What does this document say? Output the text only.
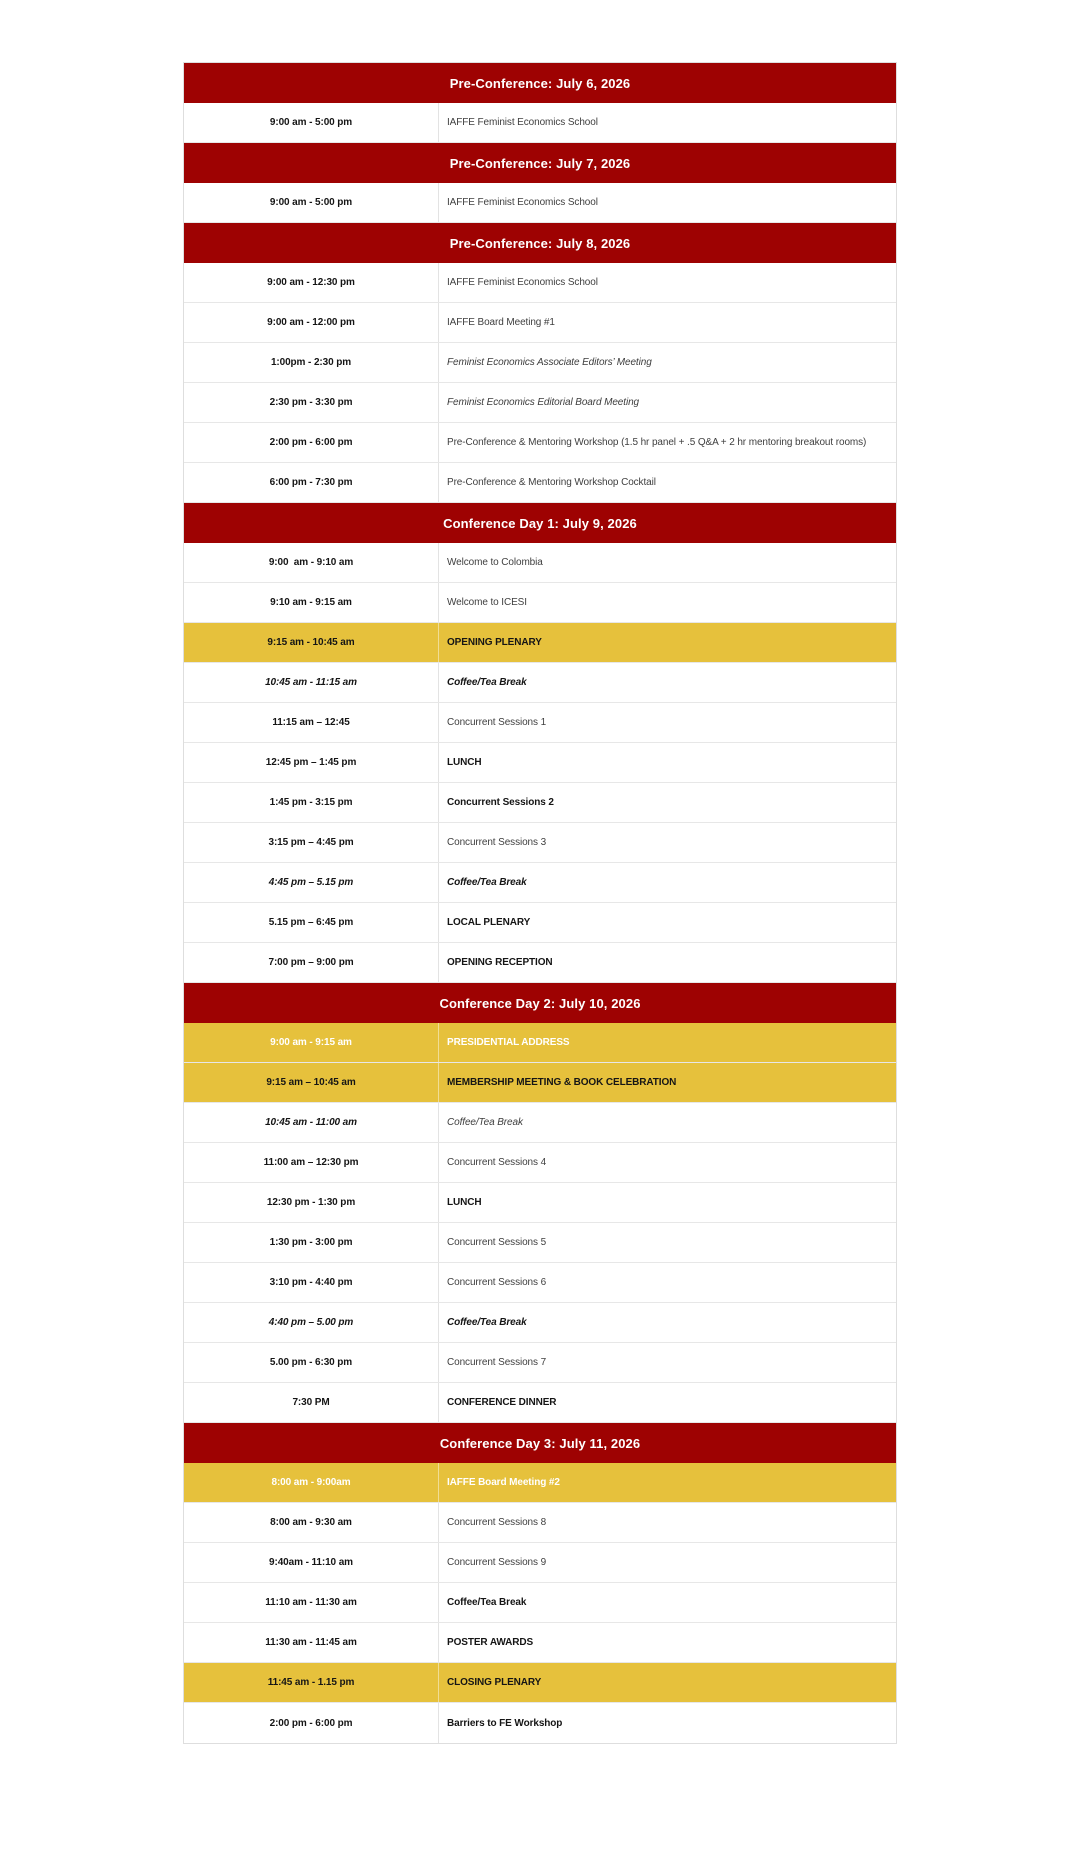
Pre-Conference: July 6, 2026
9:00 am - 5:00 pm	IAFFE Feminist Economics School
Pre-Conference: July 7, 2026
9:00 am - 5:00 pm	IAFFE Feminist Economics School
Pre-Conference: July 8, 2026
9:00 am - 12:30 pm	IAFFE Feminist Economics School
9:00 am - 12:00 pm	IAFFE Board Meeting #1
1:00pm - 2:30 pm	Feminist Economics Associate Editors’ Meeting
2:30 pm - 3:30 pm	Feminist Economics Editorial Board Meeting
2:00 pm - 6:00 pm	Pre-Conference & Mentoring Workshop (1.5 hr panel + .5 Q&A + 2 hr mentoring breakout rooms)
6:00 pm - 7:30 pm	Pre-Conference & Mentoring Workshop Cocktail
Conference Day 1: July 9, 2026
9:00  am - 9:10 am	Welcome to Colombia
9:10 am - 9:15 am	Welcome to ICESI
9:15 am - 10:45 am	OPENING PLENARY
10:45 am - 11:15 am	Coffee/Tea Break
11:15 am – 12:45	Concurrent Sessions 1
12:45 pm – 1:45 pm	LUNCH
1:45 pm - 3:15 pm	Concurrent Sessions 2
3:15 pm – 4:45 pm	Concurrent Sessions 3
4:45 pm – 5.15 pm	Coffee/Tea Break
5.15 pm – 6:45 pm	LOCAL PLENARY
7:00 pm – 9:00 pm	OPENING RECEPTION
Conference Day 2: July 10, 2026
9:00 am - 9:15 am	PRESIDENTIAL ADDRESS
9:15 am – 10:45 am	MEMBERSHIP MEETING & BOOK CELEBRATION
10:45 am - 11:00 am	Coffee/Tea Break
11:00 am – 12:30 pm	Concurrent Sessions 4
12:30 pm - 1:30 pm	LUNCH
1:30 pm - 3:00 pm	Concurrent Sessions 5
3:10 pm - 4:40 pm	Concurrent Sessions 6
4:40 pm – 5.00 pm	Coffee/Tea Break
5.00 pm - 6:30 pm	Concurrent Sessions 7
7:30 PM	CONFERENCE DINNER
Conference Day 3: July 11, 2026
8:00 am - 9:00am	IAFFE Board Meeting #2
8:00 am - 9:30 am	Concurrent Sessions 8
9:40am - 11:10 am	Concurrent Sessions 9
11:10 am - 11:30 am	Coffee/Tea Break
11:30 am - 11:45 am	POSTER AWARDS
11:45 am - 1.15 pm	CLOSING PLENARY
2:00 pm - 6:00 pm	Barriers to FE Workshop
